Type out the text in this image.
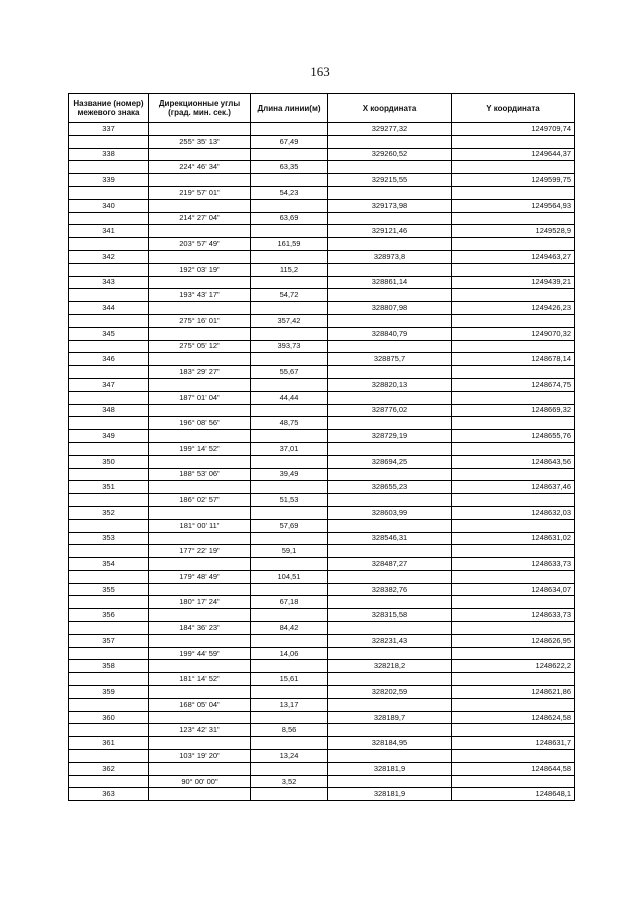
163
Название (номер) межевого знака	Дирекционные углы (град. мин. сек.)	Длина линии(м)	X координата	Y координата
337			329277,32	1249709,74
	255° 35' 13"	67,49		
338			329260,52	1249644,37
	224° 46' 34"	63,35		
339			329215,55	1249599,75
	219° 57' 01"	54,23		
340			329173,98	1249564,93
	214° 27' 04"	63,69		
341			329121,46	1249528,9
	203° 57' 49"	161,59		
342			328973,8	1249463,27
	192° 03' 19"	115,2		
343			328861,14	1249439,21
	193° 43' 17"	54,72		
344			328807,98	1249426,23
	275° 16' 01"	357,42		
345			328840,79	1249070,32
	275° 05' 12"	393,73		
346			328875,7	1248678,14
	183° 29' 27"	55,67		
347			328820,13	1248674,75
	187° 01' 04"	44,44		
348			328776,02	1248669,32
	196° 08' 56"	48,75		
349			328729,19	1248655,76
	199° 14' 52"	37,01		
350			328694,25	1248643,56
	188° 53' 06"	39,49		
351			328655,23	1248637,46
	186° 02' 57"	51,53		
352			328603,99	1248632,03
	181° 00' 11"	57,69		
353			328546,31	1248631,02
	177° 22' 19"	59,1		
354			328487,27	1248633,73
	179° 48' 49"	104,51		
355			328382,76	1248634,07
	180° 17' 24"	67,18		
356			328315,58	1248633,73
	184° 36' 23"	84,42		
357			328231,43	1248626,95
	199° 44' 59"	14,06		
358			328218,2	1248622,2
	181° 14' 52"	15,61		
359			328202,59	1248621,86
	168° 05' 04"	13,17		
360			328189,7	1248624,58
	123° 42' 31"	8,56		
361			328184,95	1248631,7
	103° 19' 20"	13,24		
362			328181,9	1248644,58
	90° 00' 00"	3,52		
363			328181,9	1248648,1
